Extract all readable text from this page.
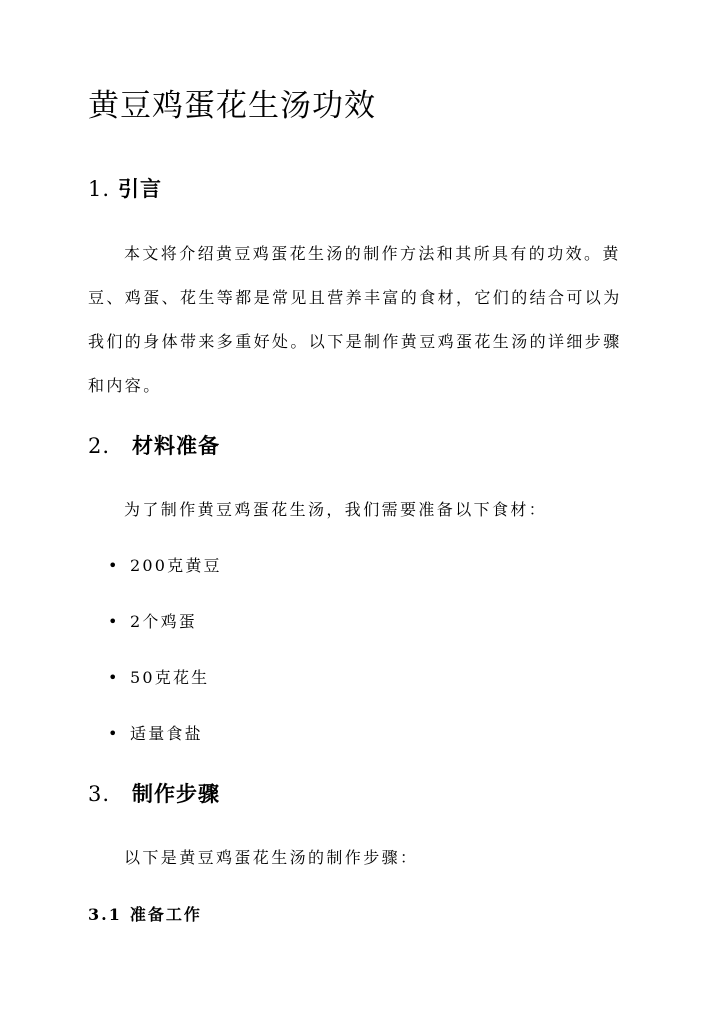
黄豆鸡蛋花生汤功效
1. 引言
本文将介绍黄豆鸡蛋花生汤的制作方法和其所具有的功效。黄
豆、鸡蛋、花生等都是常见且营养丰富的食材，它们的结合可以为
我们的身体带来多重好处。以下是制作黄豆鸡蛋花生汤的详细步骤
和内容。
2. 材料准备
为了制作黄豆鸡蛋花生汤，我们需要准备以下食材：
• 200克黄豆
• 2个鸡蛋
• 50克花生
• 适量食盐
3. 制作步骤
以下是黄豆鸡蛋花生汤的制作步骤：
3.1 准备工作
